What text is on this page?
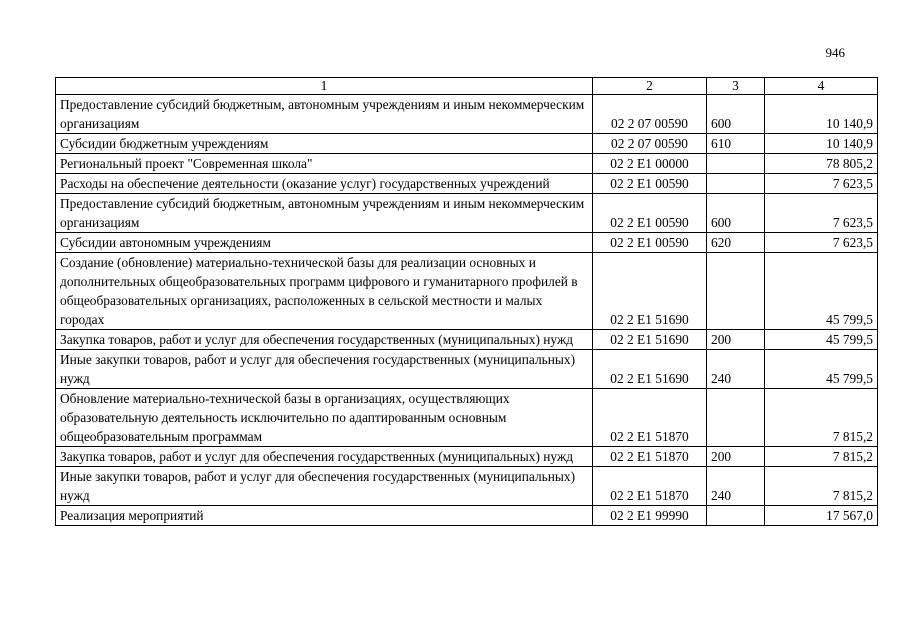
946
1	2	3	4
Предоставление субсидий бюджетным, автономным учреждениям и иным некоммерческим организациям	02 2 07 00590	600	10 140,9
Субсидии бюджетным учреждениям	02 2 07 00590	610	10 140,9
Региональный проект "Современная школа"	02 2 Е1 00000		78 805,2
Расходы на обеспечение деятельности (оказание услуг) государственных учреждений	02 2 Е1 00590		7 623,5
Предоставление субсидий бюджетным, автономным учреждениям и иным некоммерческим организациям	02 2 Е1 00590	600	7 623,5
Субсидии автономным учреждениям	02 2 Е1 00590	620	7 623,5
Создание (обновление) материально-технической базы для реализации основных и дополнительных общеобразовательных программ цифрового и гуманитарного профилей в общеобразовательных организациях, расположенных в сельской местности и малых городах	02 2 Е1 51690		45 799,5
Закупка товаров, работ и услуг для обеспечения государственных (муниципальных) нужд	02 2 Е1 51690	200	45 799,5
Иные закупки товаров, работ и услуг для обеспечения государственных (муниципальных) нужд	02 2 Е1 51690	240	45 799,5
Обновление материально-технической базы в организациях, осуществляющих образовательную деятельность исключительно по адаптированным основным общеобразовательным программам	02 2 Е1 51870		7 815,2
Закупка товаров, работ и услуг для обеспечения государственных (муниципальных) нужд	02 2 Е1 51870	200	7 815,2
Иные закупки товаров, работ и услуг для обеспечения государственных (муниципальных) нужд	02 2 Е1 51870	240	7 815,2
Реализация мероприятий	02 2 Е1 99990		17 567,0
